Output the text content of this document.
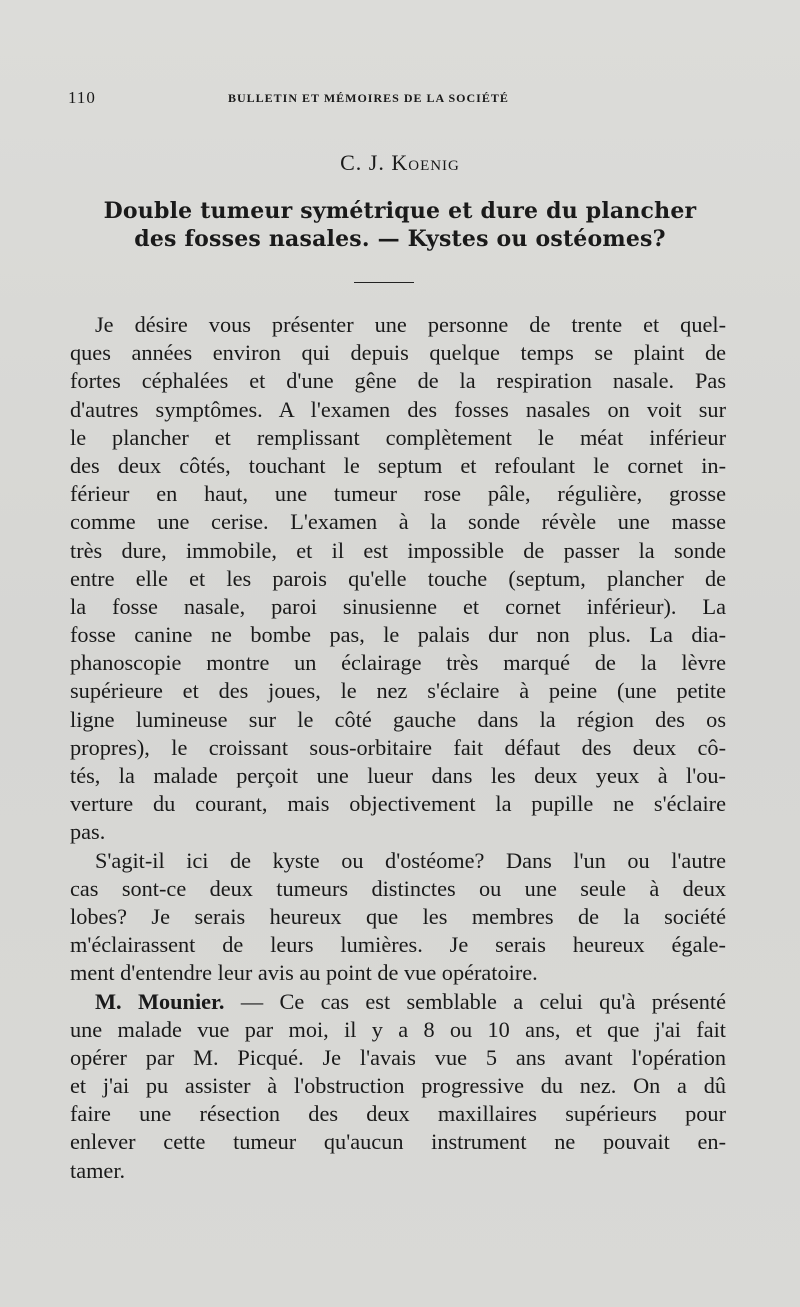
110	BULLETIN ET MÉMOIRES DE LA SOCIÉTÉ
C. J. Koenig
Double tumeur symétrique et dure du plancher
des fosses nasales. — Kystes ou ostéomes?
Je désire vous présenter une personne de trente et quel-
ques années environ qui depuis quelque temps se plaint de
fortes céphalées et d'une gêne de la respiration nasale. Pas
d'autres symptômes. A l'examen des fosses nasales on voit sur
le plancher et remplissant complètement le méat inférieur
des deux côtés, touchant le septum et refoulant le cornet in-
férieur en haut, une tumeur rose pâle, régulière, grosse
comme une cerise. L'examen à la sonde révèle une masse
très dure, immobile, et il est impossible de passer la sonde
entre elle et les parois qu'elle touche (septum, plancher de
la fosse nasale, paroi sinusienne et cornet inférieur). La
fosse canine ne bombe pas, le palais dur non plus. La dia-
phanoscopie montre un éclairage très marqué de la lèvre
supérieure et des joues, le nez s'éclaire à peine (une petite
ligne lumineuse sur le côté gauche dans la région des os
propres), le croissant sous-orbitaire fait défaut des deux cô-
tés, la malade perçoit une lueur dans les deux yeux à l'ou-
verture du courant, mais objectivement la pupille ne s'éclaire
pas.
S'agit-il ici de kyste ou d'ostéome? Dans l'un ou l'autre
cas sont-ce deux tumeurs distinctes ou une seule à deux
lobes? Je serais heureux que les membres de la société
m'éclairassent de leurs lumières. Je serais heureux égale-
ment d'entendre leur avis au point de vue opératoire.
M. Mounier. — Ce cas est semblable a celui qu'à présenté
une malade vue par moi, il y a 8 ou 10 ans, et que j'ai fait
opérer par M. Picqué. Je l'avais vue 5 ans avant l'opération
et j'ai pu assister à l'obstruction progressive du nez. On a dû
faire une résection des deux maxillaires supérieurs pour
enlever cette tumeur qu'aucun instrument ne pouvait en-
tamer.
